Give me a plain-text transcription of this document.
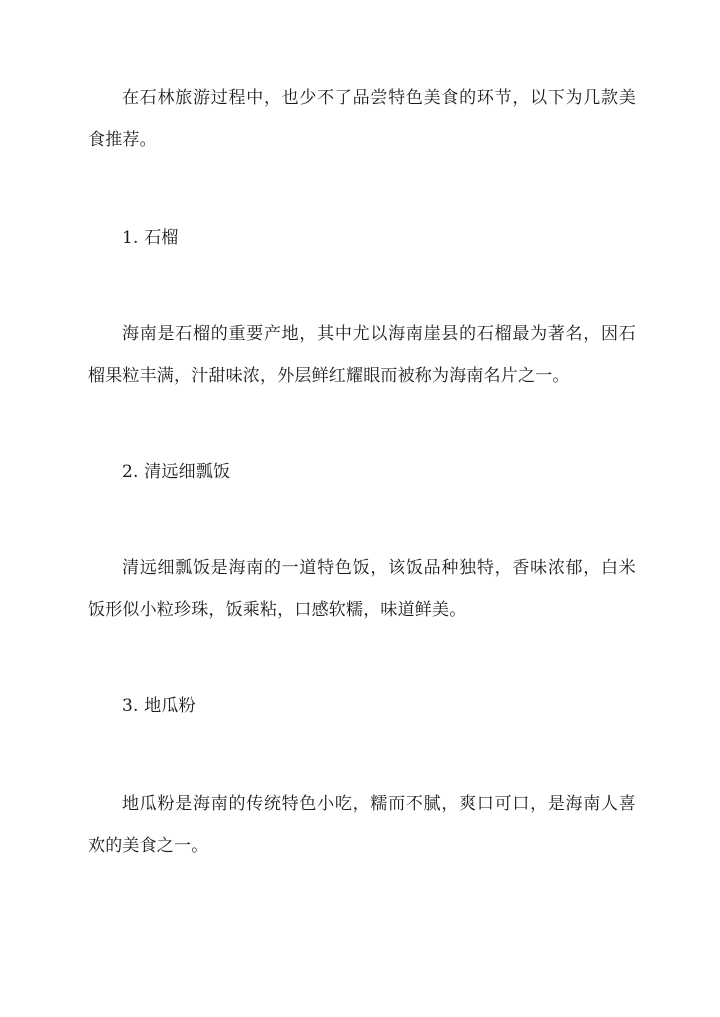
在石林旅游过程中，也少不了品尝特色美食的环节，以下为几款美食推荐。

1. 石榴

海南是石榴的重要产地，其中尤以海南崖县的石榴最为著名，因石榴果粒丰满，汁甜味浓，外层鲜红耀眼而被称为海南名片之一。

2. 清远细瓢饭

清远细瓢饭是海南的一道特色饭，该饭品种独特，香味浓郁，白米饭形似小粒珍珠，饭乘粘，口感软糯，味道鲜美。

3. 地瓜粉

地瓜粉是海南的传统特色小吃，糯而不腻，爽口可口，是海南人喜欢的美食之一。
